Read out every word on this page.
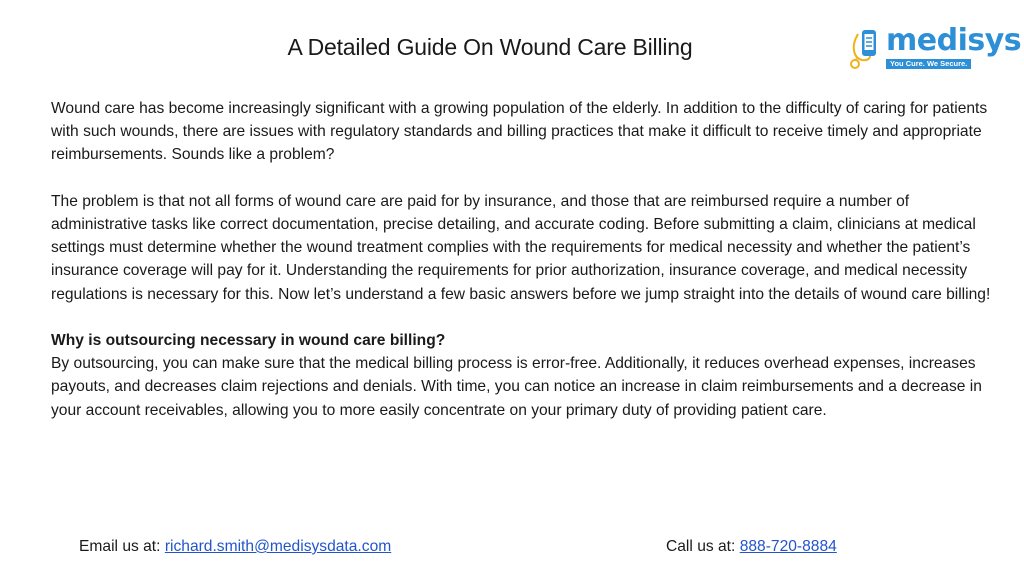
A Detailed Guide On Wound Care Billing	medisys
You Cure. We Secure.

Wound care has become increasingly significant with a growing population of the elderly. In addition to the difficulty of caring for patients with such wounds, there are issues with regulatory standards and billing practices that make it difficult to receive timely and appropriate reimbursements. Sounds like a problem?

The problem is that not all forms of wound care are paid for by insurance, and those that are reimbursed require a number of administrative tasks like correct documentation, precise detailing, and accurate coding. Before submitting a claim, clinicians at medical settings must determine whether the wound treatment complies with the requirements for medical necessity and whether the patient’s insurance coverage will pay for it. Understanding the requirements for prior authorization, insurance coverage, and medical necessity regulations is necessary for this. Now let’s understand a few basic answers before we jump straight into the details of wound care billing!

Why is outsourcing necessary in wound care billing?
By outsourcing, you can make sure that the medical billing process is error-free. Additionally, it reduces overhead expenses, increases payouts, and decreases claim rejections and denials. With time, you can notice an increase in claim reimbursements and a decrease in your account receivables, allowing you to more easily concentrate on your primary duty of providing patient care.

Email us at: richard.smith@medisysdata.com	Call us at: 888-720-8884
